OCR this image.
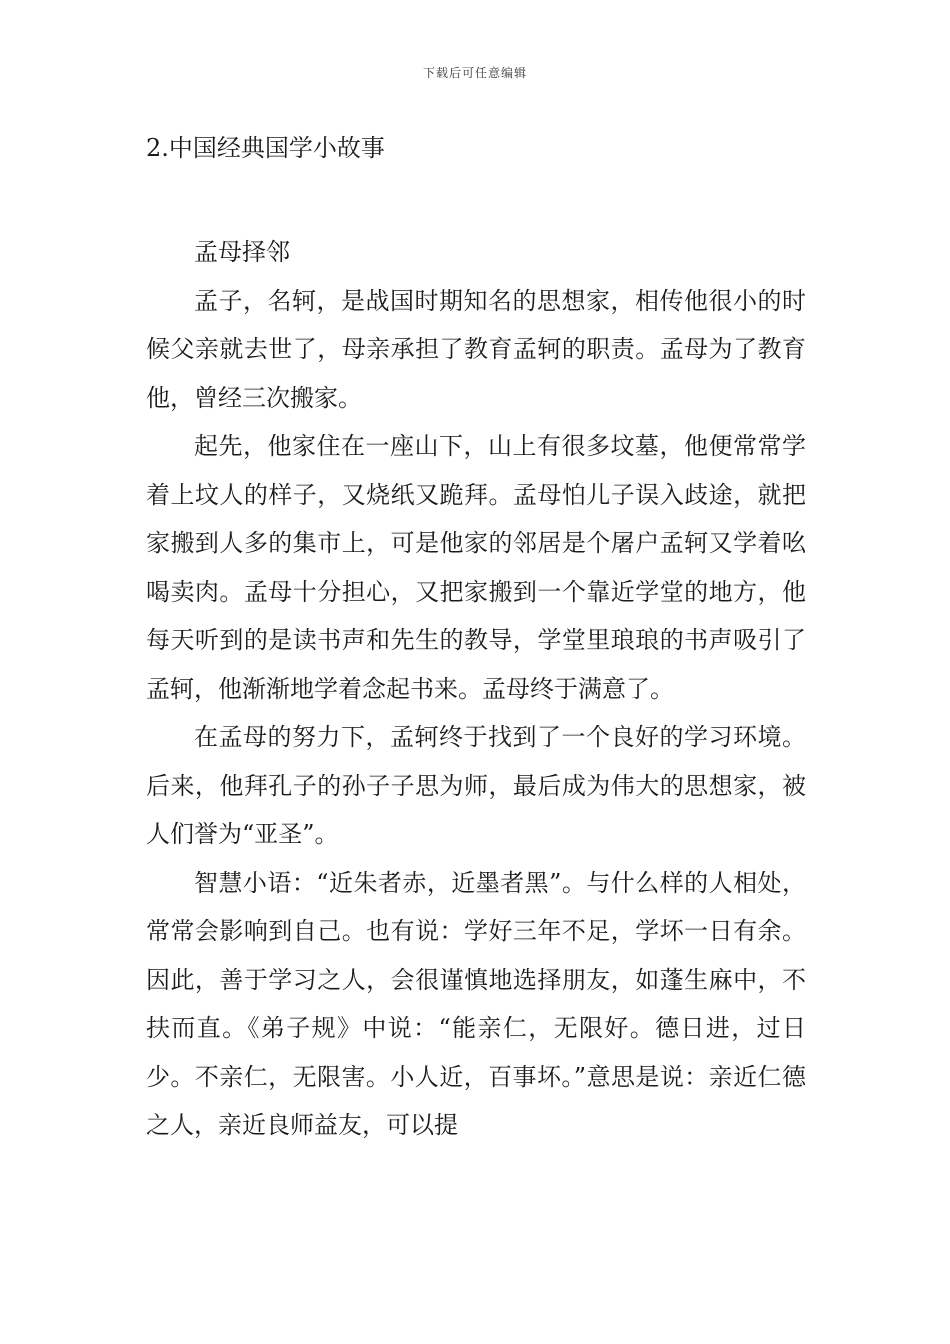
下载后可任意编辑
2.中国经典国学小故事

孟母择邻

孟子，名轲，是战国时期知名的思想家，相传他很小的时候父亲就去世了，母亲承担了教育孟轲的职责。孟母为了教育他，曾经三次搬家。

起先，他家住在一座山下，山上有很多坟墓，他便常常学着上坟人的样子，又烧纸又跪拜。孟母怕儿子误入歧途，就把家搬到人多的集市上，可是他家的邻居是个屠户孟轲又学着吆喝卖肉。孟母十分担心，又把家搬到一个靠近学堂的地方，他每天听到的是读书声和先生的教导，学堂里琅琅的书声吸引了孟轲，他渐渐地学着念起书来。孟母终于满意了。

在孟母的努力下，孟轲终于找到了一个良好的学习环境。后来，他拜孔子的孙子子思为师，最后成为伟大的思想家，被人们誉为“亚圣”。

智慧小语：“近朱者赤，近墨者黑”。与什么样的人相处，常常会影响到自己。也有说：学好三年不足，学坏一日有余。因此，善于学习之人，会很谨慎地选择朋友，如蓬生麻中，不扶而直。《弟子规》中说：“能亲仁，无限好。德日进，过日少。不亲仁，无限害。小人近，百事坏。”意思是说：亲近仁德之人，亲近良师益友，可以提
